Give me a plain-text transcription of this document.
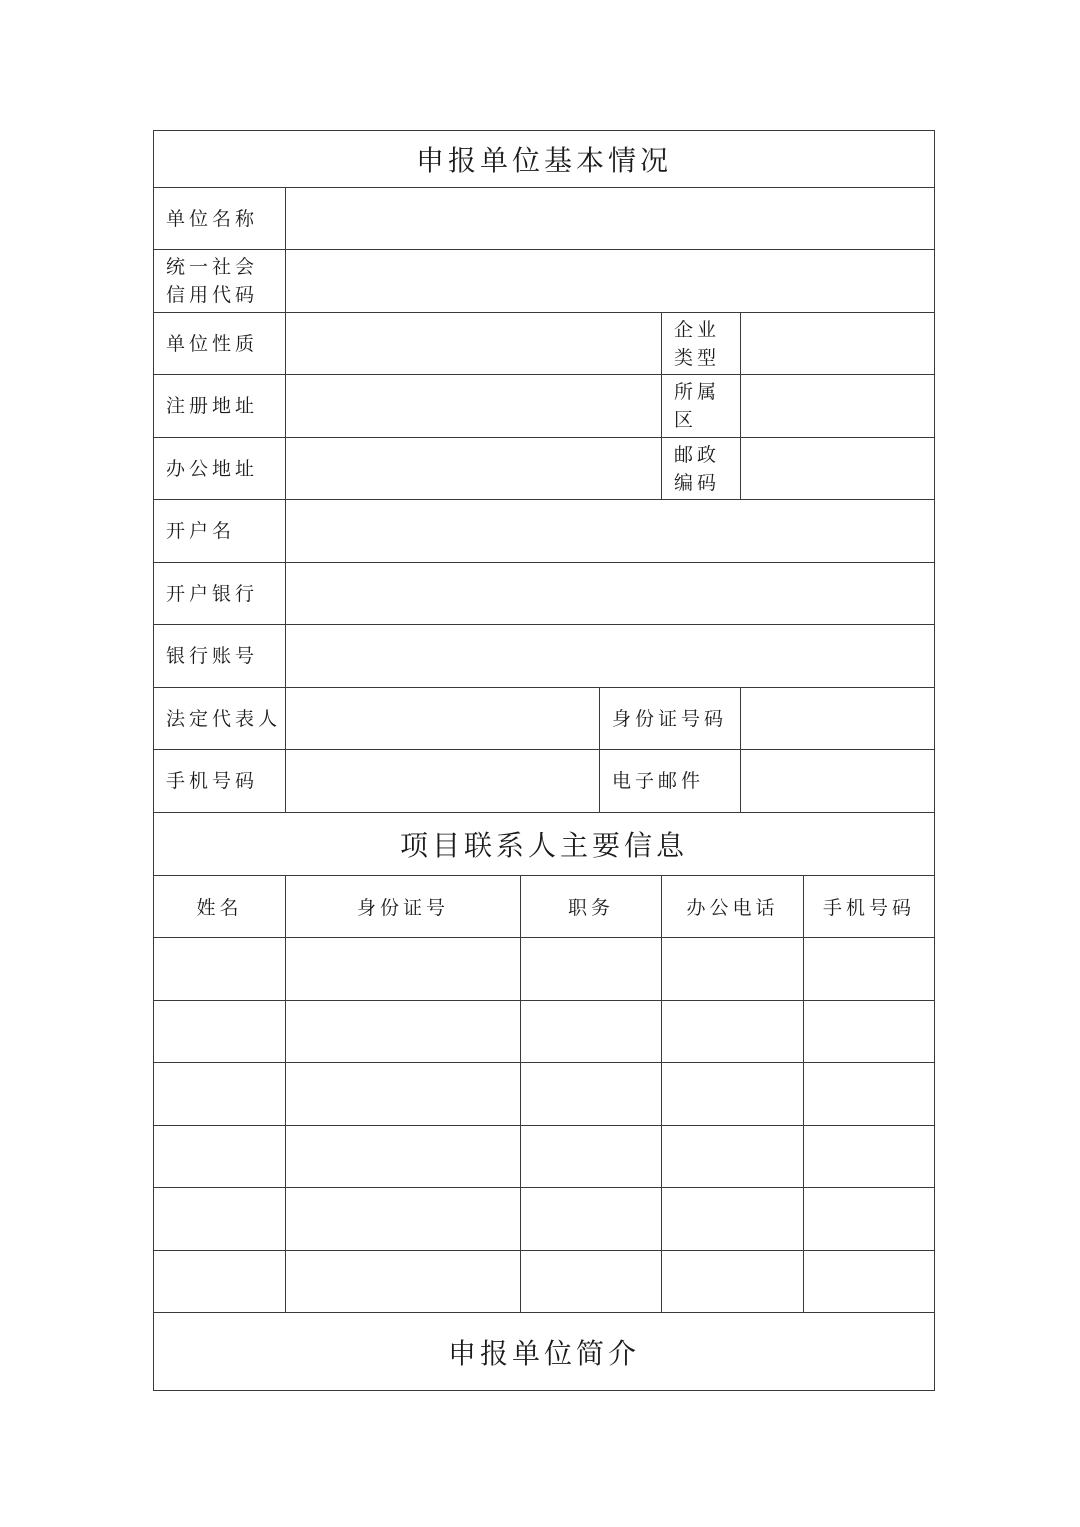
申报单位基本情况						
单位名称						

统一社会
信用代码						

单位性质				企业类型		
注册地址				所属区		
办公地址				邮政编码		
开户名						
开户银行						
银行账号						
法定代表人			身份证号码			
手机号码			电子邮件			
项目联系人主要信息						
姓名	身份证号	职务		办公电话		手机号码

申报单位简介						
